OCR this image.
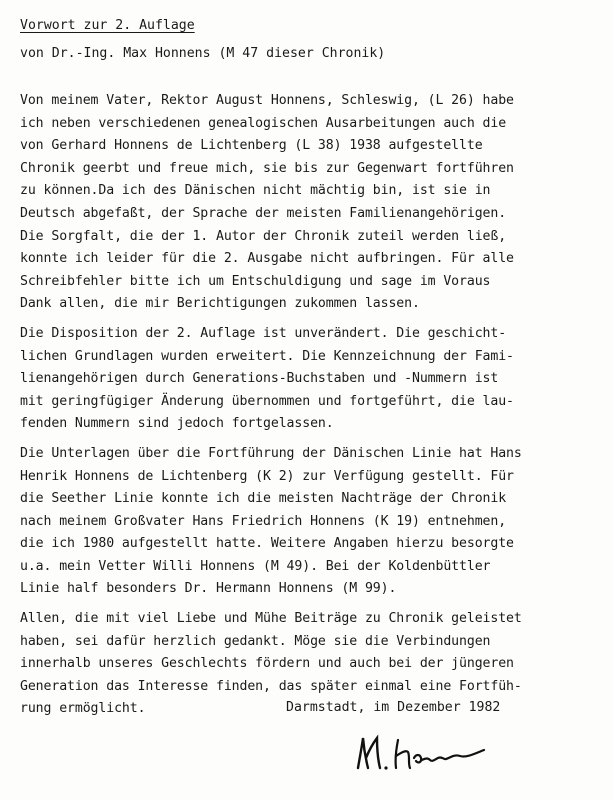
Vorwort zur 2. Auflage
von Dr.-Ing. Max Honnens (M 47 dieser Chronik)
Von meinem Vater, Rektor August Honnens, Schleswig, (L 26) habe
ich neben verschiedenen genealogischen Ausarbeitungen auch die
von Gerhard Honnens de Lichtenberg (L 38) 1938 aufgestellte
Chronik geerbt und freue mich, sie bis zur Gegenwart fortführen
zu können.Da ich des Dänischen nicht mächtig bin, ist sie in
Deutsch abgefaßt, der Sprache der meisten Familienangehörigen.
Die Sorgfalt, die der 1. Autor der Chronik zuteil werden ließ,
konnte ich leider für die 2. Ausgabe nicht aufbringen. Für alle
Schreibfehler bitte ich um Entschuldigung und sage im Voraus
Dank allen, die mir Berichtigungen zukommen lassen.
Die Disposition der 2. Auflage ist unverändert. Die geschicht-
lichen Grundlagen wurden erweitert. Die Kennzeichnung der Fami-
lienangehörigen durch Generations-Buchstaben und -Nummern ist
mit geringfügiger Änderung übernommen und fortgeführt, die lau-
fenden Nummern sind jedoch fortgelassen.
Die Unterlagen über die Fortführung der Dänischen Linie hat Hans
Henrik Honnens de Lichtenberg (K 2) zur Verfügung gestellt. Für
die Seether Linie konnte ich die meisten Nachträge der Chronik
nach meinem Großvater Hans Friedrich Honnens (K 19) entnehmen,
die ich 1980 aufgestellt hatte. Weitere Angaben hierzu besorgte
u.a. mein Vetter Willi Honnens (M 49). Bei der Koldenbüttler
Linie half besonders Dr. Hermann Honnens (M 99).
Allen, die mit viel Liebe und Mühe Beiträge zu Chronik geleistet
haben, sei dafür herzlich gedankt. Möge sie die Verbindungen
innerhalb unseres Geschlechts fördern und auch bei der jüngeren
Generation das Interesse finden, das später einmal eine Fortfüh-
rung ermöglicht.	Darmstadt, im Dezember 1982
